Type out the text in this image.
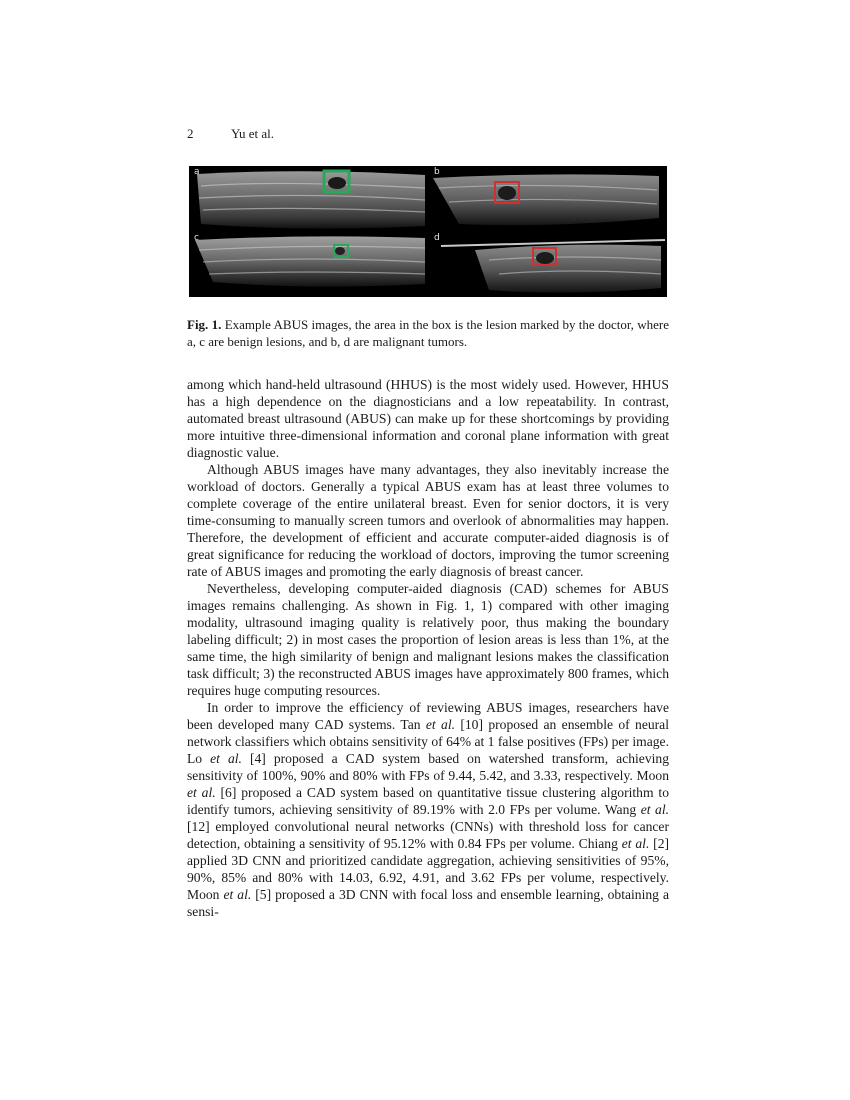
2	Yu et al.
a	b
c	d
Fig. 1. Example ABUS images, the area in the box is the lesion marked by the doctor, where a, c are benign lesions, and b, d are malignant tumors.

among which hand-held ultrasound (HHUS) is the most widely used. However, HHUS has a high dependence on the diagnosticians and a low repeatability. In contrast, automated breast ultrasound (ABUS) can make up for these shortcomings by providing more intuitive three-dimensional information and coronal plane information with great diagnostic value.

Although ABUS images have many advantages, they also inevitably increase the workload of doctors. Generally a typical ABUS exam has at least three volumes to complete coverage of the entire unilateral breast. Even for senior doctors, it is very time-consuming to manually screen tumors and overlook of abnormalities may happen. Therefore, the development of efficient and accurate computer-aided diagnosis is of great significance for reducing the workload of doctors, improving the tumor screening rate of ABUS images and promoting the early diagnosis of breast cancer.

Nevertheless, developing computer-aided diagnosis (CAD) schemes for ABUS images remains challenging. As shown in Fig. 1, 1) compared with other imaging modality, ultrasound imaging quality is relatively poor, thus making the boundary labeling difficult; 2) in most cases the proportion of lesion areas is less than 1%, at the same time, the high similarity of benign and malignant lesions makes the classification task difficult; 3) the reconstructed ABUS images have approximately 800 frames, which requires huge computing resources.

In order to improve the efficiency of reviewing ABUS images, researchers have been developed many CAD systems. Tan et al. [10] proposed an ensemble of neural network classifiers which obtains sensitivity of 64% at 1 false positives (FPs) per image. Lo et al. [4] proposed a CAD system based on watershed transform, achieving sensitivity of 100%, 90% and 80% with FPs of 9.44, 5.42, and 3.33, respectively. Moon et al. [6] proposed a CAD system based on quantitative tissue clustering algorithm to identify tumors, achieving sensitivity of 89.19% with 2.0 FPs per volume. Wang et al. [12] employed convolutional neural networks (CNNs) with threshold loss for cancer detection, obtaining a sensitivity of 95.12% with 0.84 FPs per volume. Chiang et al. [2] applied 3D CNN and prioritized candidate aggregation, achieving sensitivities of 95%, 90%, 85% and 80% with 14.03, 6.92, 4.91, and 3.62 FPs per volume, respectively. Moon et al. [5] proposed a 3D CNN with focal loss and ensemble learning, obtaining a sensi-
